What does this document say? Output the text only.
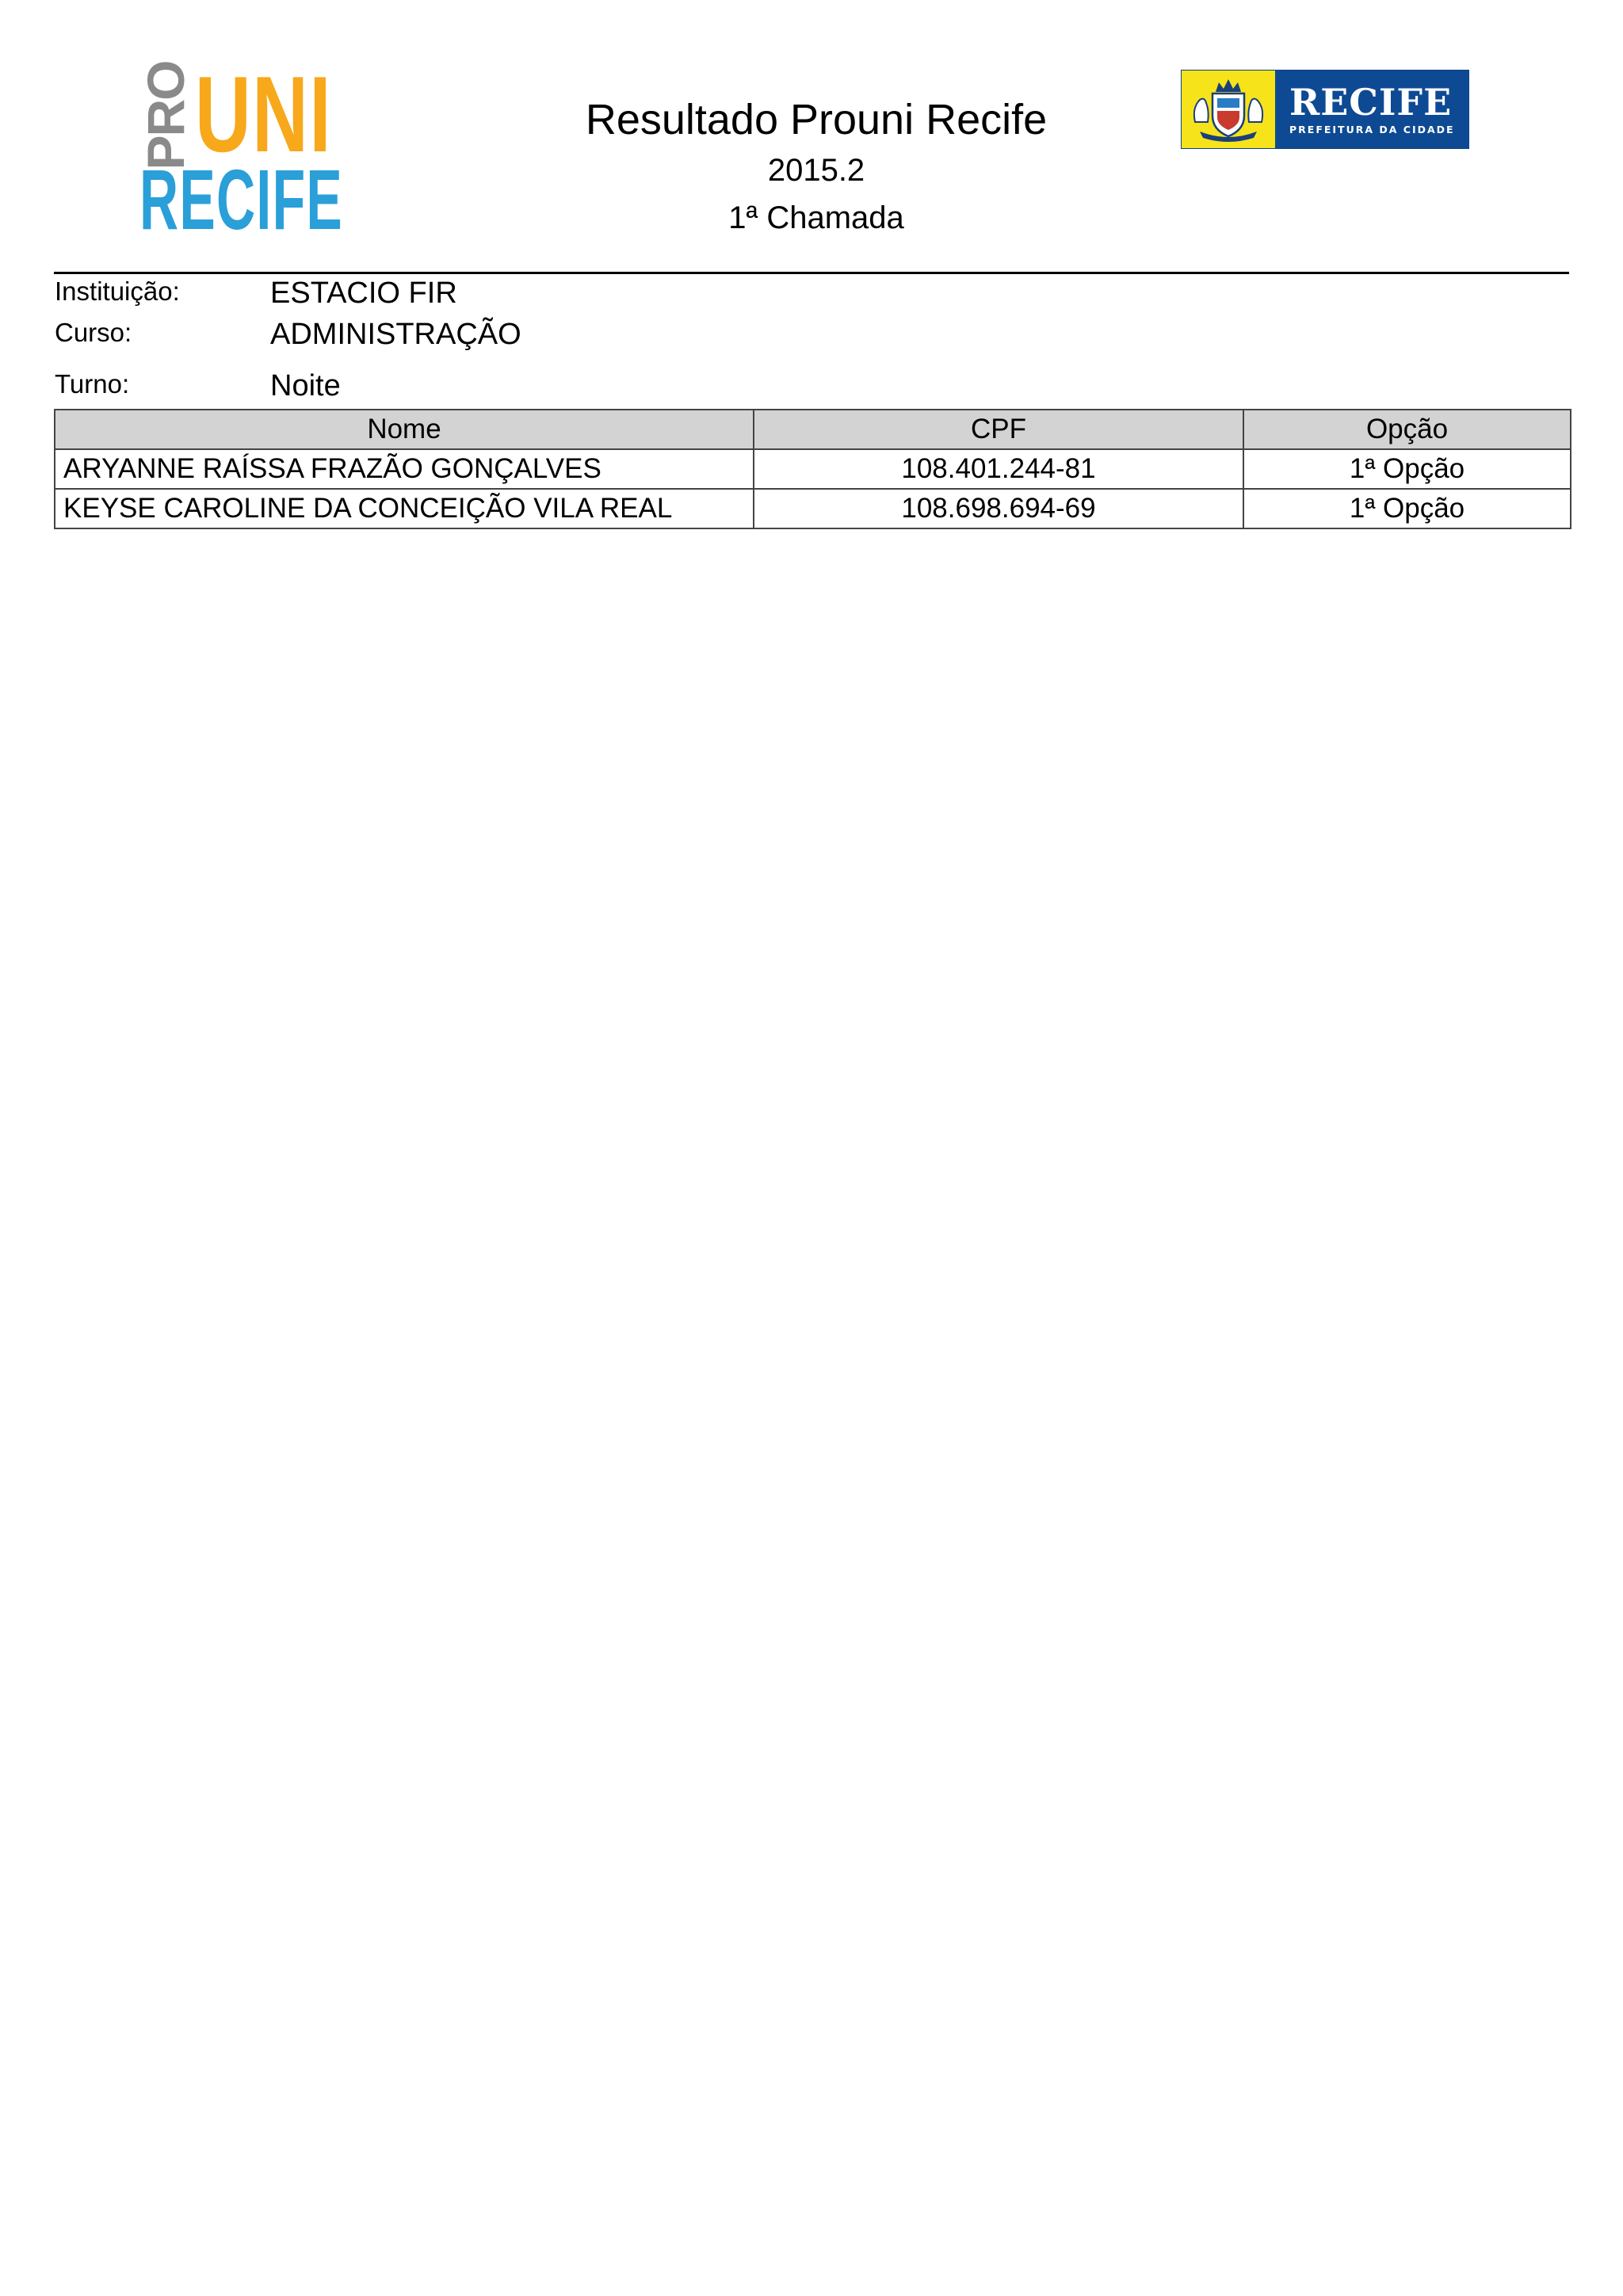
PRO UNI
RECIFE
Resultado Prouni Recife
2015.2
1ª Chamada
RECIFE
PREFEITURA DA CIDADE
Instituição:	ESTACIO FIR
Curso:	ADMINISTRAÇÃO
Turno:	Noite
Nome	CPF	Opção
ARYANNE RAÍSSA FRAZÃO GONÇALVES	108.401.244-81	1ª Opção
KEYSE CAROLINE DA CONCEIÇÃO VILA REAL	108.698.694-69	1ª Opção
